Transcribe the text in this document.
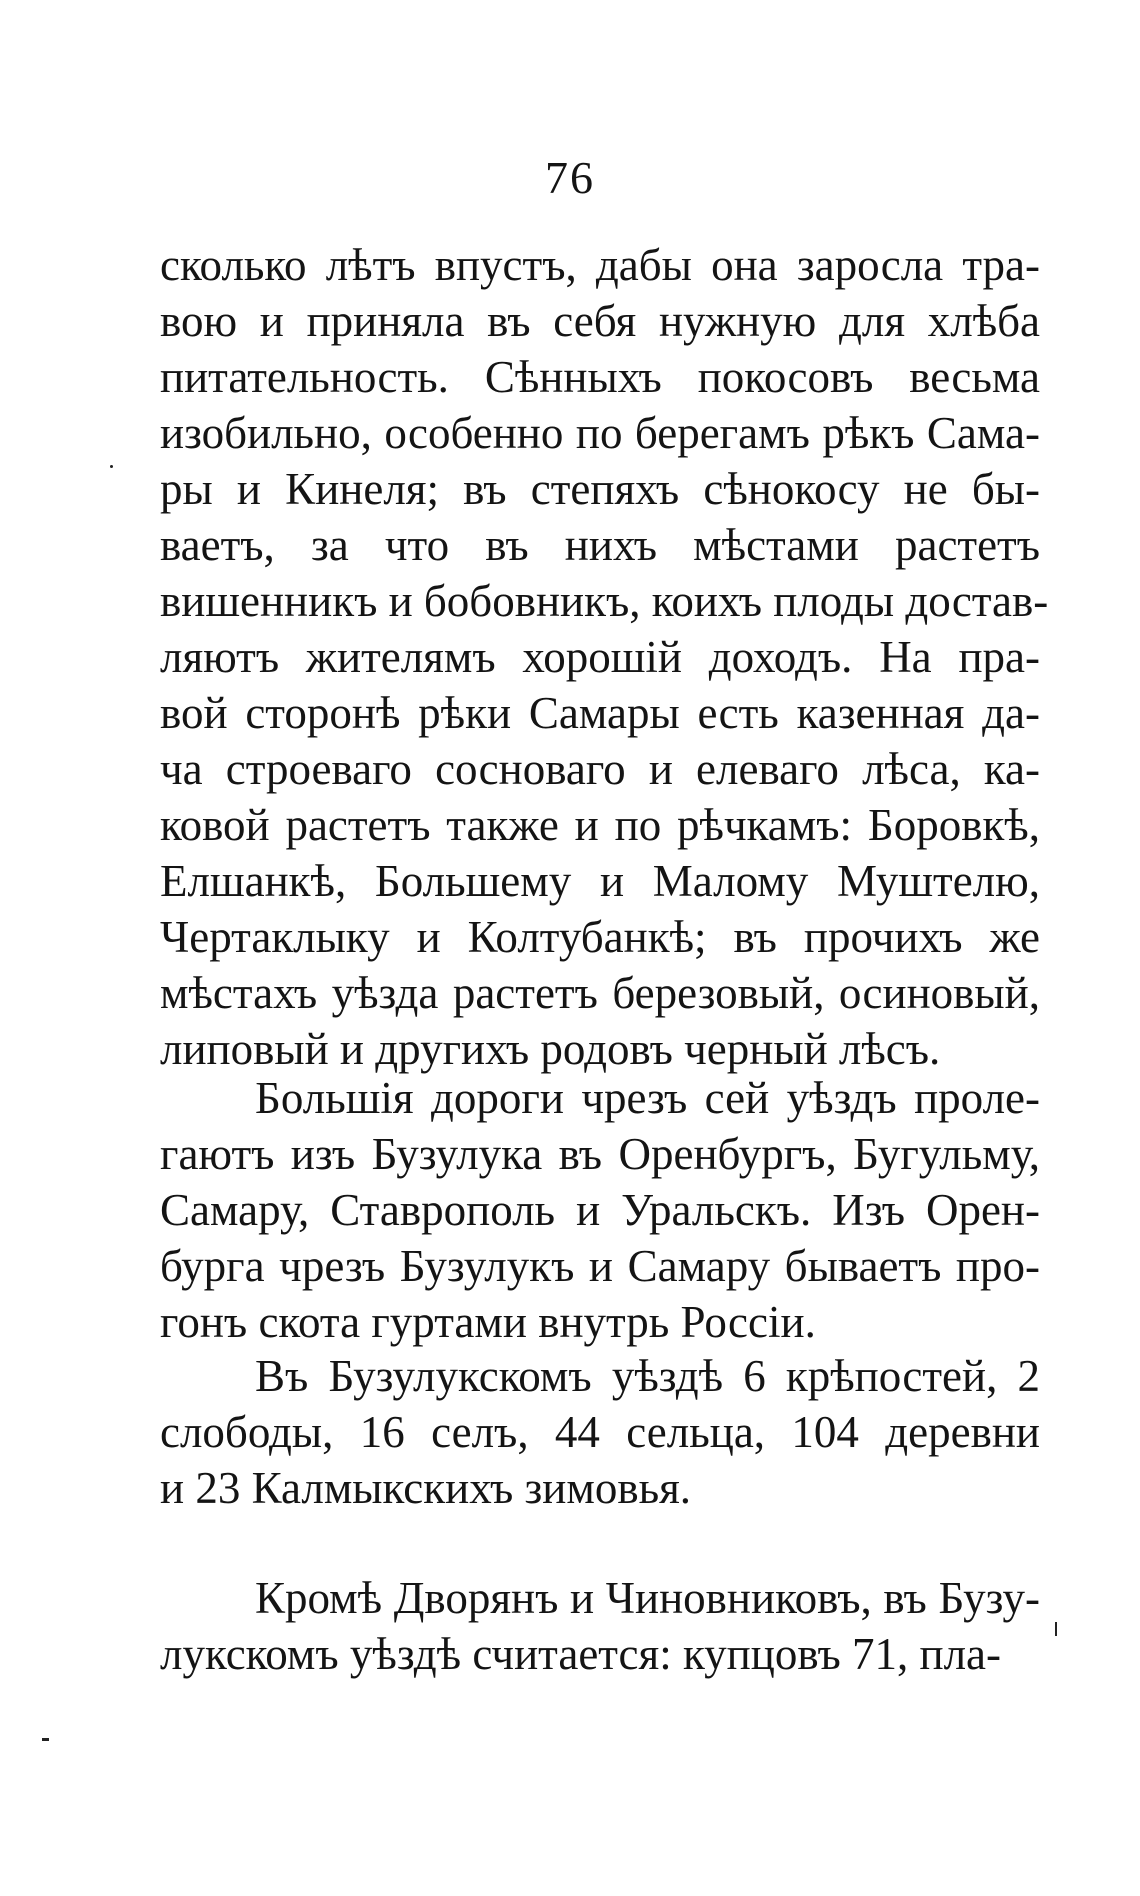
76
сколько лѣтъ впустъ, дабы она заросла тра-
вою и приняла въ себя нужную для хлѣба
питательность. Сѣнныхъ покосовъ весьма
изобильно, особенно по берегамъ рѣкъ Сама-
ры и Кинеля; въ степяхъ сѣнокосу не бы-
ваетъ, за что въ нихъ мѣстами растетъ
вишенникъ и бобовникъ, коихъ плоды достав-
ляютъ жителямъ хорошій доходъ. На пра-
вой сторонѣ рѣки Самары есть казенная да-
ча строеваго сосноваго и елеваго лѣса, ка-
ковой растетъ также и по рѣчкамъ: Боровкѣ,
Елшанкѣ, Большему и Малому Муштелю,
Чертаклыку и Колтубанкѣ; въ прочихъ же
мѣстахъ уѣзда растетъ березовый, осиновый,
липовый и другихъ родовъ черный лѣсъ.
Большія дороги чрезъ сей уѣздъ проле-
гаютъ изъ Бузулука въ Оренбургъ, Бугульму,
Самару, Ставрополь и Уральскъ. Изъ Орен-
бурга чрезъ Бузулукъ и Самару бываетъ про-
гонъ скота гуртами внутрь Россіи.
Въ Бузулукскомъ уѣздѣ 6 крѣпостей, 2
слободы, 16 селъ, 44 сельца, 104 деревни
и 23 Калмыкскихъ зимовья.
Кромѣ Дворянъ и Чиновниковъ, въ Бузу-
лукскомъ уѣздѣ считается: купцовъ 71, пла-
